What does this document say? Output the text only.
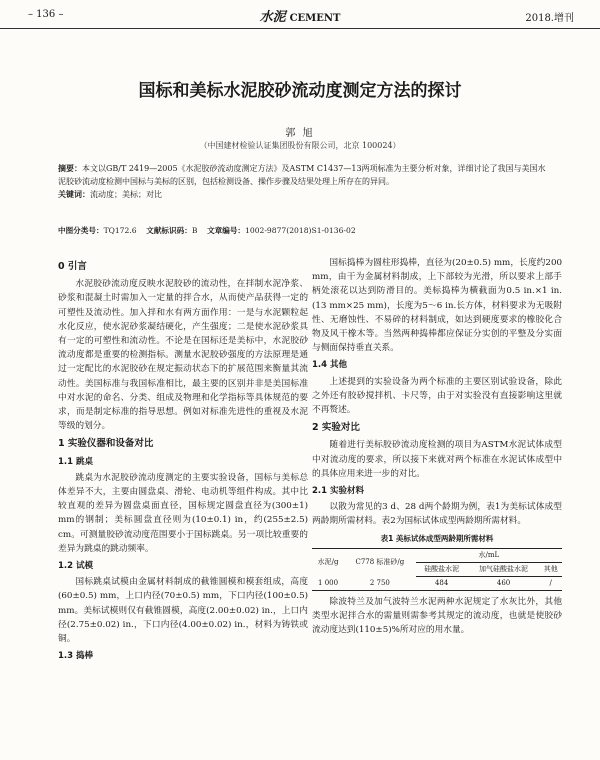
– 136 –	水泥 CEMENT	2018.增刊
国标和美标水泥胶砂流动度测定方法的探讨
郭 旭
（中国建材检验认证集团股份有限公司，北京 100024）
摘要：本文以GB/T 2419—2005《水泥胶砂流动度测定方法》及ASTM C1437—13两项标准为主要分析对象，详细讨论了我国与美国水泥胶砂流动度检测中国标与美标的区别，包括检测设备、操作步骤及结果处理上所存在的异同。
关键词：流动度；美标；对比
中图分类号：TQ172.6 文献标识码：B 文章编号：1002-9877(2018)S1-0136-02
0 引言

水泥胶砂流动度反映水泥胶砂的流动性，在拌制水泥净浆、砂浆和混凝土时需加入一定量的拌合水，从而使产品获得一定的可塑性及流动性。加入拌和水有两方面作用：一是与水泥颗粒起水化反应，使水泥砂浆凝结硬化，产生强度；二是使水泥砂浆具有一定的可塑性和流动性。不论是在国标还是美标中，水泥胶砂流动度都是重要的检测指标。测量水泥胶砂强度的方法原理是通过一定配比的水泥胶砂在规定振动状态下的扩展范围来衡量其流动性。美国标准与我国标准相比，最主要的区别并非是美国标准中对水泥的命名、分类、组成及物理和化学指标等具体规范的要求，而是制定标准的指导思想。例如对标准先进性的重视及水泥等级的划分。

1 实验仪器和设备对比
1.1 跳桌

跳桌为水泥胶砂流动度测定的主要实验设备，国标与美标总体差异不大，主要由圆盘桌、滑轮、电动机等组件构成。其中比较直观的差异为圆盘桌面直径，国标规定圆盘直径为(300±1) mm的钢制；美标圆盘直径则为(10±0.1) in，约(255±2.5) cm。可测量胶砂流动度范围要小于国标跳桌。另一项比较重要的差异为跳桌的跳动频率。

1.2 试模

国标跳桌试模由金属材料制成的截锥圆模和模套组成，高度(60±0.5) mm，上口内径(70±0.5) mm，下口内径(100±0.5) mm。美标试模则仅有截锥圆模，高度(2.00±0.02) in.，上口内径(2.75±0.02) in.，下口内径(4.00±0.02) in.，材料为铸铁或铜。

1.3 捣棒

国标捣棒为圆柱形捣棒，直径为(20±0.5) mm，长度约200 mm，由干为金属材料制成，上下部较为光滑，所以要求上部手柄处滚花以达到防滑目的。美标捣棒为横截面为0.5 in.×1 in.(13 mm×25 mm)，长度为5～6 in.长方体，材料要求为无吸附性、无磨蚀性、不易碎的材料制成，如达到硬度要求的橡胶化合物及风干橡木等。当然两种捣棒都应保证分实创的平整及分实面与侧面保持垂直关系。

1.4 其他

上述提到的实验设备为两个标准的主要区别试验设备，除此之外还有胶砂搅拌机、卡尺等，由于对实验没有直接影响这里就不再赘述。

2 实验对比

随着进行美标胶砂流动度检测的项目为ASTM水泥试体成型中对流动度的要求，所以接下来就对两个标准在水泥试体成型中的具体应用来进一步的对比。

2.1 实验材料

以散为常见的3 d、28 d两个龄期为例，表1为美标试体成型两龄期所需材料。表2为国标试体成型两龄期所需材料。

表1 美标试体成型两龄期所需材料
水泥/g	C778 标准砂/g	水/mL		
		硅酸盐水泥	加气硅酸盐水泥	其他
1 000	2 750	484	460	/

除波特兰及加气波特兰水泥两种水泥规定了水灰比外，其他类型水泥拌合水的需量则需参考其规定的流动度，也就是使胶砂流动度达到(110±5)%所对应的用水量。
